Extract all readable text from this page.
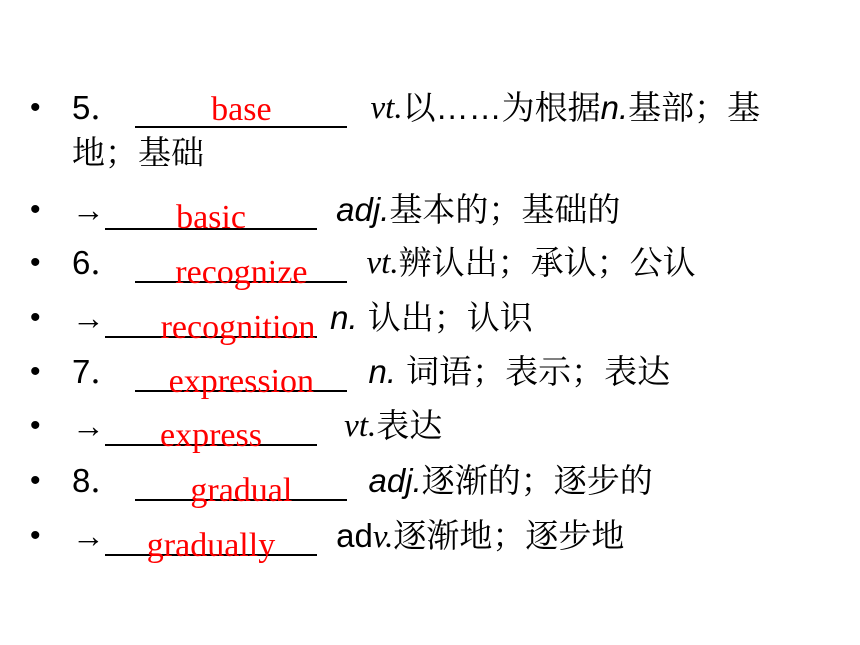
• 5．	base	vt.以……为根据n.基部；基
地；基础
• →	basic	adj.基本的；基础的
• 6．	recognize	vt.辨认出；承认；公认
• →	recognition n. 认出；认识
• 7．	expression	n. 词语；表示；表达
• →	express	vt.表达
• 8．	gradual	adj.逐渐的；逐步的
• →	gradually	adv.逐渐地；逐步地
